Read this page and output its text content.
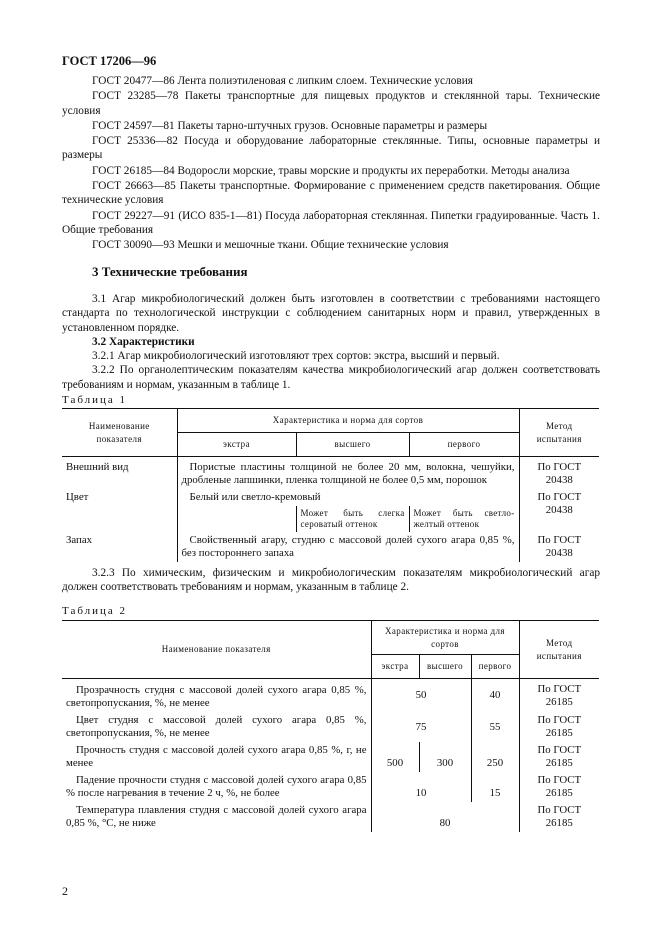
ГОСТ 17206—96

ГОСТ 20477—86 Лента полиэтиленовая с липким слоем. Технические условия

ГОСТ 23285—78 Пакеты транспортные для пищевых продуктов и стеклянной тары. Технические условия

ГОСТ 24597—81 Пакеты тарно-штучных грузов. Основные параметры и размеры

ГОСТ 25336—82 Посуда и оборудование лабораторные стеклянные. Типы, основные параметры и размеры

ГОСТ 26185—84 Водоросли морские, травы морские и продукты их переработки. Методы анализа

ГОСТ 26663—85 Пакеты транспортные. Формирование с применением средств пакетирования. Общие технические условия

ГОСТ 29227—91 (ИСО 835-1—81) Посуда лабораторная стеклянная. Пипетки градуированные. Часть 1. Общие требования

ГОСТ 30090—93 Мешки и мешочные ткани. Общие технические условия

3 Технические требования

3.1 Агар микробиологический должен быть изготовлен в соответствии с требованиями настоящего стандарта по технологической инструкции с соблюдением санитарных норм и правил, утвержденных в установленном порядке.

3.2 Характеристики

3.2.1 Агар микробиологический изготовляют трех сортов: экстра, высший и первый.

3.2.2 По органолептическим показателям качества микробиологический агар должен соответствовать требованиям и нормам, указанным в таблице 1.

Таблица 1
Наименование показателя	Характеристика и норма для сортов			Метод испытания
	экстра	высшего	первого	
Внешний вид	Пористые пластины толщиной не более 20 мм, волокна, чешуйки, дробленые лапшинки, пленка толщиной не более 0,5 мм, порошок			По ГОСТ 20438
Цвет	Белый или светло-кремовый			По ГОСТ 20438
		Может быть слегка сероватый оттенок	Может быть светло-желтый оттенок	
Запах	Свойственный агару, студню с массовой долей сухого агара 0,85 %, без постороннего запаха			По ГОСТ 20438

3.2.3 По химическим, физическим и микробиологическим показателям микробиологический агар должен соответствовать требованиям и нормам, указанным в таблице 2.

Таблица 2
Наименование показателя	Характеристика и норма для сортов			Метод испытания
	экстра	высшего	первого	
Прозрачность студня с массовой долей сухого агара 0,85 %, светопропускания, %, не менее	50		40	По ГОСТ 26185
Цвет студня с массовой долей сухого агара 0,85 %, светопропускания, %, не менее	75		55	По ГОСТ 26185
Прочность студня с массовой долей сухого агара 0,85 %, г, не менее	500	300	250	По ГОСТ 26185
Падение прочности студня с массовой долей сухого агара 0,85 % после нагревания в течение 2 ч, %, не более	10		15	По ГОСТ 26185
Температура плавления студня с массовой долей сухого агара 0,85 %, °С, не ниже	80			По ГОСТ 26185
2
